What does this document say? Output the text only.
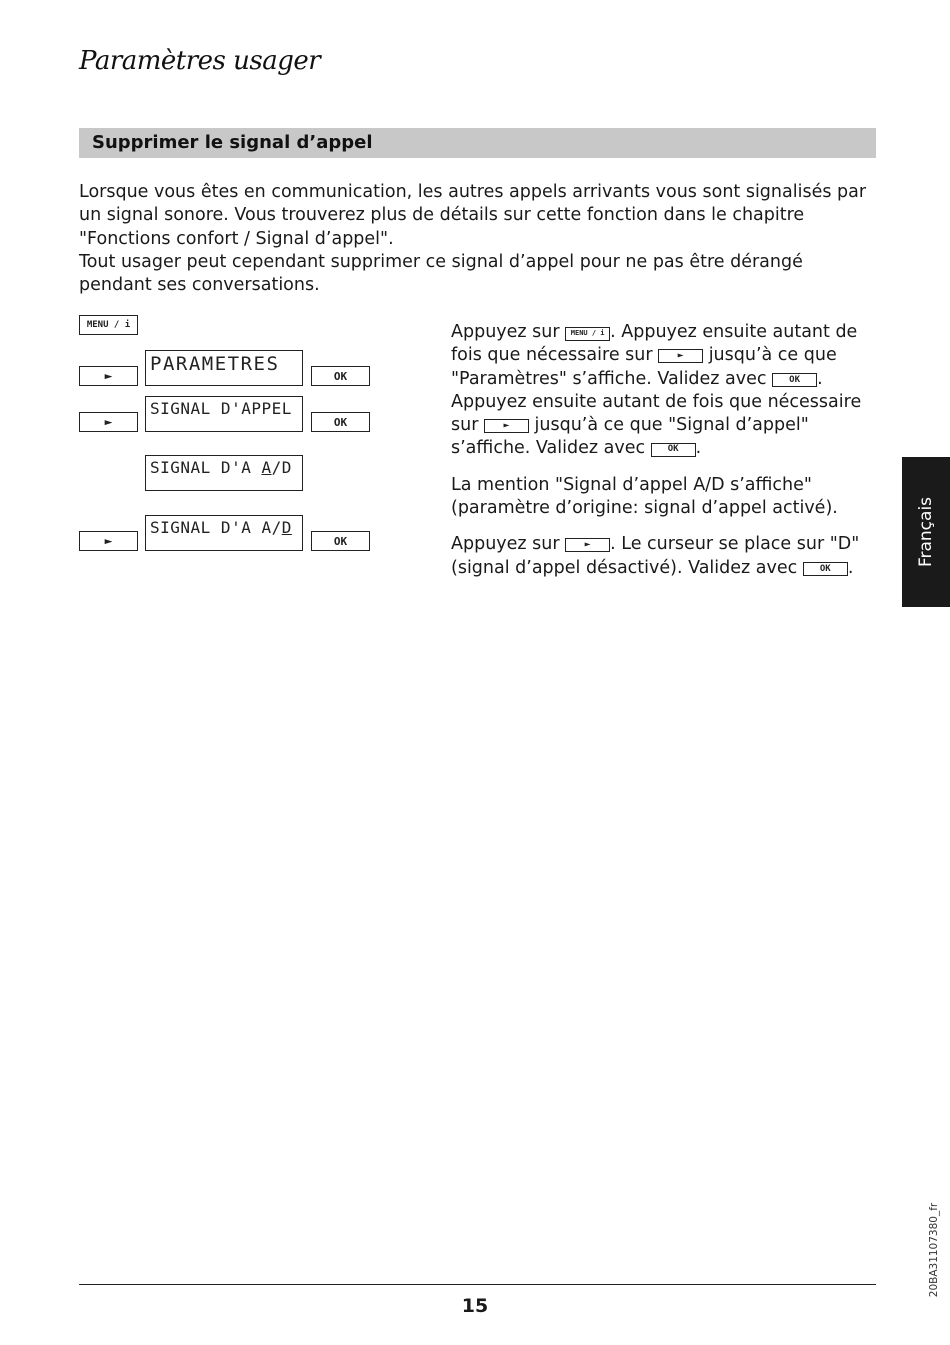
Paramètres usager
Supprimer le signal d’appel

Lorsque vous êtes en communication, les autres appels arrivants vous sont signalisés par un signal sonore. Vous trouverez plus de détails sur cette fonction dans le chapitre "Fonctions confort / Signal d’appel".

Tout usager peut cependant supprimer ce signal d’appel pour ne pas être dérangé pendant ses conversations.

MENU / i
►
PARAMETRES
OK
►
SIGNAL D'APPEL
OK
SIGNAL D'A A/D
►
SIGNAL D'A A/D
OK

Appuyez sur MENU / i . Appuyez ensuite autant de fois que nécessaire sur ► jusqu’à ce que "Paramètres" s’affiche. Validez avec OK . Appuyez ensuite autant de fois que nécessaire sur ► jusqu’à ce que "Signal d’appel" s’affiche. Validez avec OK .

La mention "Signal d’appel A/D s’affiche" (paramètre d’origine: signal d’appel activé).

Appuyez sur ► . Le curseur se place sur "D" (signal d’appel désactivé). Validez avec OK .

Français
20BA31107380_fr
15
